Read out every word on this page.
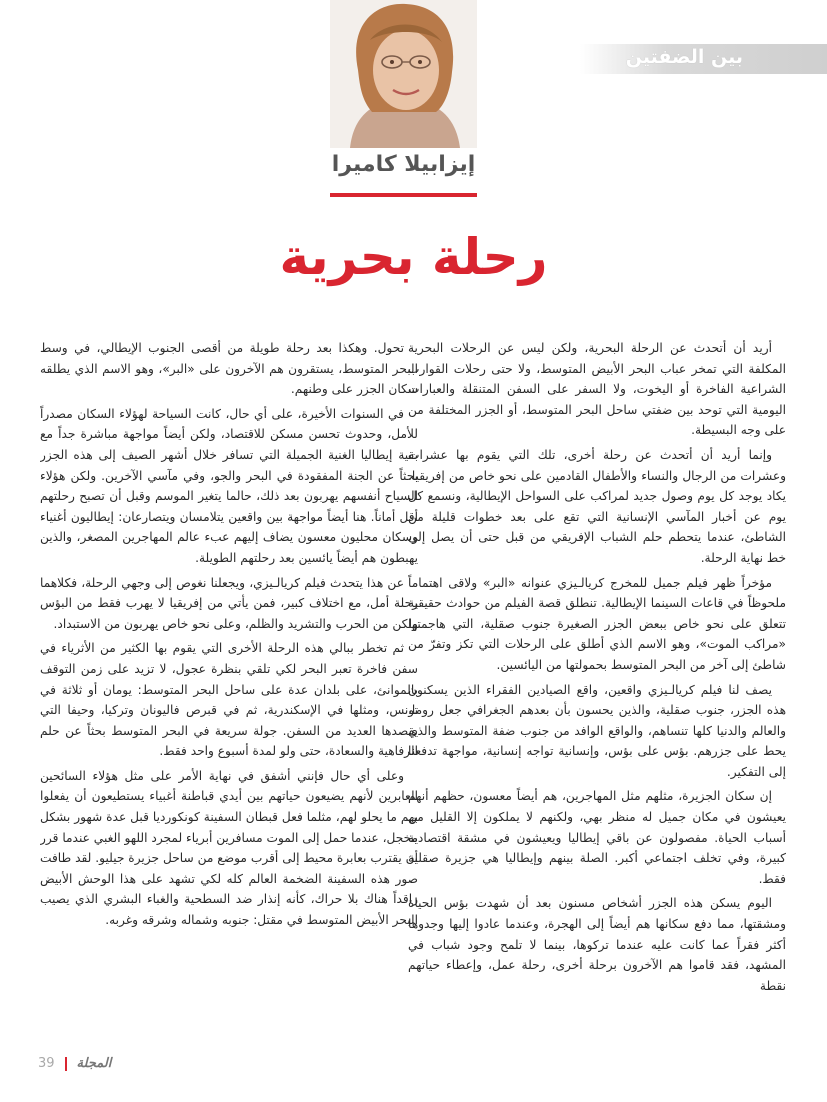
بين الضفتين
إيزابيلا كاميرا
رحلة بحرية

أريد أن أتحدث عن الرحلة البحرية، ولكن ليس عن الرحلات البحرية المكلفة التي تمخر عباب البحر الأبيض المتوسط، ولا حتى رحلات القوارب الشراعية الفاخرة أو اليخوت، ولا السفر على السفن المتنقلة والعبارات اليومية التي توحد بين ضفتي ساحل البحر المتوسط، أو الجزر المختلفة من على وجه البسيطة.

وإنما أريد أن أتحدث عن رحلة أخرى، تلك التي يقوم بها عشرات وعشرات من الرجال والنساء والأطفال القادمين على نحو خاص من إفريقيا. يكاد يوجد كل يوم وصول جديد لمراكب على السواحل الإيطالية، ونسمع كل يوم عن أخبار المآسي الإنسانية التي تقع على بعد خطوات قليلة من الشاطئ، عندما يتحطم حلم الشباب الإفريقي من قبل حتى أن يصل إلى خط نهاية الرحلة.

مؤخراً ظهر فيلم جميل للمخرج كريالـيزي عنوانه «البر» ولاقى اهتماماً ملحوظاً في قاعات السينما الإيطالية. تنطلق قصة الفيلم من حوادث حقيقية تتعلق على نحو خاص ببعض الجزر الصغيرة جنوب صقلية، التي هاجمتها «مراكب الموت»، وهو الاسم الذي أطلق على الرحلات التي تكز وتفرّ من شاطئ إلى آخر من البحر المتوسط بحمولتها من اليائسين.

يصف لنا فيلم كريالـيزي واقعين، واقع الصيادين الفقراء الذين يسكنون هذه الجزر، جنوب صقلية، والذين يحسون بأن بعدهم الجغرافي جعل روما، والعالم والدنيا كلها تنساهم، والواقع الوافد من جنوب ضفة المتوسط والذي يحط على جزرهم. بؤس على بؤس، وإنسانية تواجه إنسانية، مواجهة تدفعنا إلى التفكير.

إن سكان الجزيرة، مثلهم مثل المهاجرين، هم أيضاً معسون، حظهم أنهم يعيشون في مكان جميل له منظر بهي، ولكنهم لا يملكون إلا القليل من أسباب الحياة. مفصولون عن باقي إيطاليا ويعيشون في مشقة اقتصادية كبيرة، وفي تخلف اجتماعي أكبر. الصلة بينهم وإيطاليا هي جزيرة صقلية فقط.

اليوم يسكن هذه الجزر أشخاص مسنون بعد أن شهدت بؤس الحياة ومشقتها، مما دفع سكانها هم أيضاً إلى الهجرة، وعندما عادوا إليها وجدوها أكثر فقراً عما كانت عليه عندما تركوها، بينما لا تلمح وجود شباب في المشهد، فقد قاموا هم الآخرون برحلة أخرى، رحلة عمل، وإعطاء حياتهم نقطة

تحول. وهكذا بعد رحلة طويلة من أقصى الجنوب الإيطالي، في وسط البحر المتوسط، يستقرون هم الآخرون على «البر»، وهو الاسم الذي يطلقه سكان الجزر على وطنهم.

في السنوات الأخيرة، على أي حال، كانت السياحة لهؤلاء السكان مصدراً للأمل، وحدوث تحسن مسكن للاقتصاد، ولكن أيضاً مواجهة مباشرة جداً مع بقية إيطاليا الغنية الجميلة التي تسافر خلال أشهر الصيف إلى هذه الجزر بحثاً عن الجنة المفقودة في البحر والجو، وفي مآسي الآخرين. ولكن هؤلاء السياح أنفسهم يهربون بعد ذلك، حالما يتغير الموسم وقبل أن تصبح رحلتهم أقل أماناً. هنا أيضاً مواجهة بين واقعين يتلامسان ويتصارعان: إيطاليون أغنياء وسكان محليون معسون يضاف إليهم عبء عالم المهاجرين المصغر، والذين يهبطون هم أيضاً يائسين بعد رحلتهم الطويلة.

عن هذا يتحدث فيلم كريالـيزي، ويجعلنا نغوص إلى وجهي الرحلة، فكلاهما رحلة أمل، مع اختلاف كبير، فمن يأتي من إفريقيا لا يهرب فقط من البؤس ولكن من الحرب والتشريد والظلم، وعلى نحو خاص يهربون من الاستبداد.

ثم تخطر ببالي هذه الرحلة الأخرى التي يقوم بها الكثير من الأثرياء في سفن فاخرة تعبر البحر لكي تلقي بنظرة عجول، لا تزيد على زمن التوقف بالموانئ، على بلدان عدة على ساحل البحر المتوسط: يومان أو ثلاثة في تونس، ومثلها في الإسكندرية، ثم في قبرص فاليونان وتركيا، وحيفا التي يقصدها العديد من السفن. جولة سريعة في البحر المتوسط بحثاً عن حلم الرفاهية والسعادة، حتى ولو لمدة أسبوع واحد فقط.

وعلى أي حال فإنني أشفق في نهاية الأمر على مثل هؤلاء السائحين العابرين لأنهم يضيعون حياتهم بين أيدي قباطنة أغبياء يستطيعون أن يفعلوا بهم ما يحلو لهم، مثلما فعل قبطان السفينة كونكورديا قبل عدة شهور بشكل مخجل، عندما حمل إلى الموت مسافرين أبرياء لمجرد اللهو الغبي عندما قرر أن يقترب بعابرة محيط إلى أقرب موضع من ساحل جزيرة جيليو. لقد طافت صور هذه السفينة الضخمة العالم كله لكي تشهد على هذا الوحش الأبيض راقداً هناك بلا حراك، كأنه إنذار ضد السطحية والغباء البشري الذي يصيب البحر الأبيض المتوسط في مقتل: جنوبه وشماله وشرقه وغربه.

39 المجلة
